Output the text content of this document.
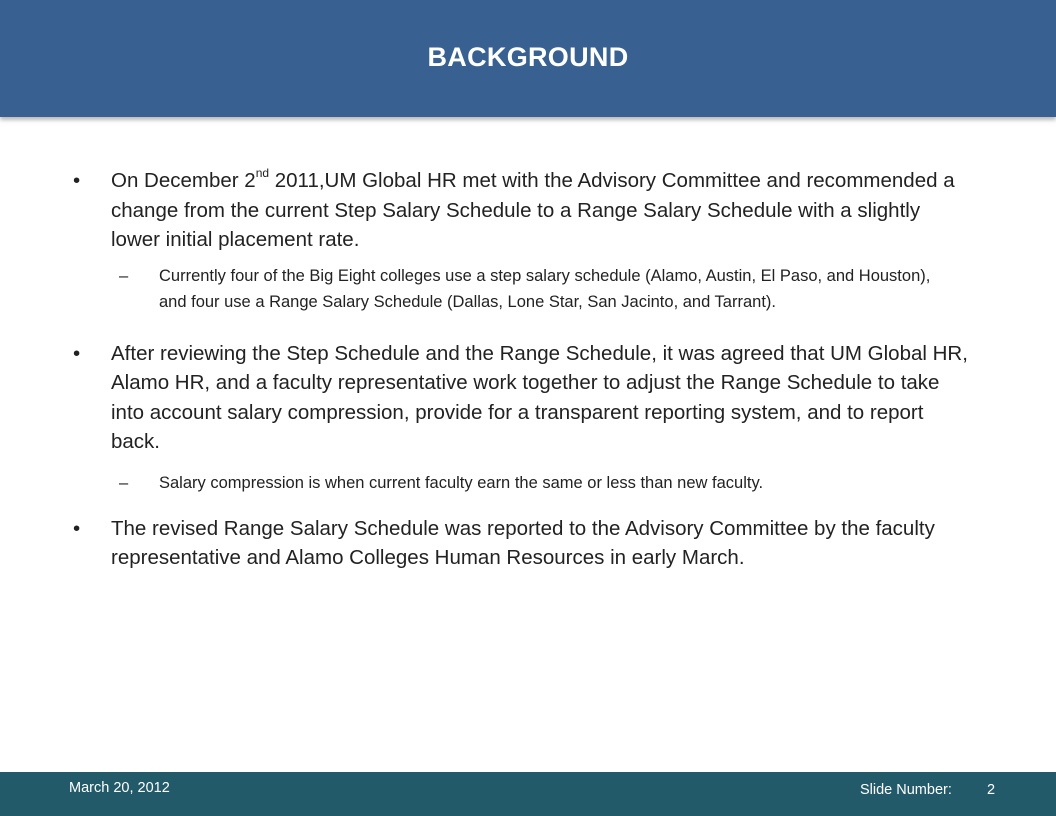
BACKGROUND
• On December 2nd 2011,UM Global HR met with the Advisory Committee and recommended a change from the current Step Salary Schedule to a Range Salary Schedule with a slightly lower initial placement rate.
– Currently four of the Big Eight colleges use a step salary schedule (Alamo, Austin, El Paso, and Houston), and four use a Range Salary Schedule (Dallas, Lone Star, San Jacinto, and Tarrant).
• After reviewing the Step Schedule and the Range Schedule, it was agreed that UM Global HR, Alamo HR, and a faculty representative work together to adjust the Range Schedule to take into account salary compression, provide for a transparent reporting system, and to report back.
– Salary compression is when current faculty earn the same or less than new faculty.
• The revised Range Salary Schedule was reported to the Advisory Committee by the faculty representative and Alamo Colleges Human Resources in early March.
March 20, 2012	Slide Number: 2
